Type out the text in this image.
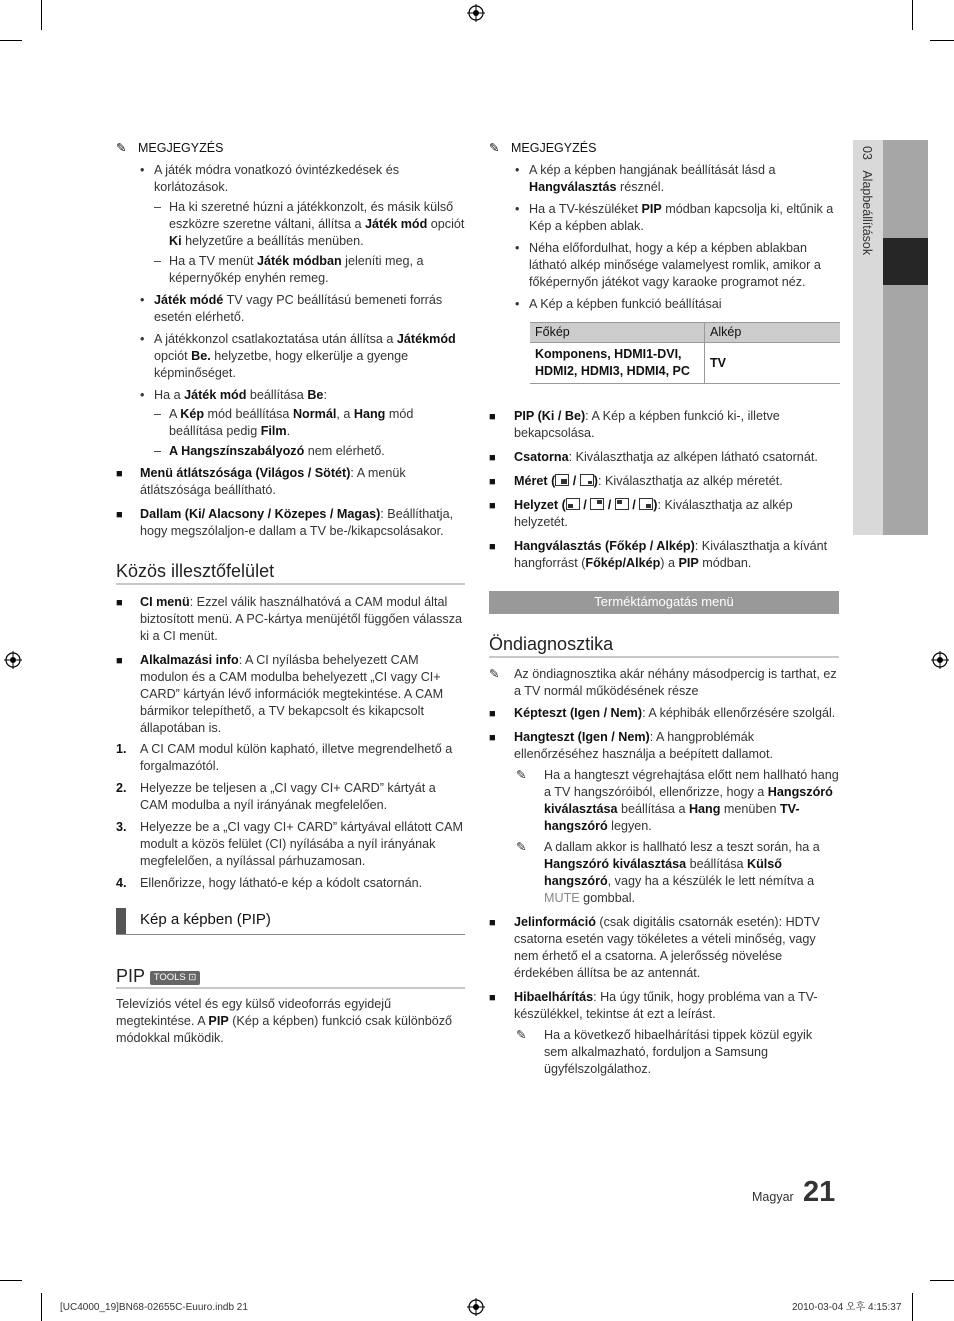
03   Alapbeállítások
✎ MEGJEGYZÉS
• A játék módra vonatkozó óvintézkedések és korlátozások.
– Ha ki szeretné húzni a játékkonzolt, és másik külső eszközre szeretne váltani, állítsa a Játék mód opciót Ki helyzetűre a beállítás menüben.
– Ha a TV menüt Játék módban jeleníti meg, a képernyőkép enyhén remeg.
• Játék módé TV vagy PC beállítású bemeneti forrás esetén elérhető.
• A játékkonzol csatlakoztatása után állítsa a Játékmód opciót Be. helyzetbe, hogy elkerülje a gyenge képminőséget.
• Ha a Játék mód beállítása Be:
– A Kép mód beállítása Normál, a Hang mód beállítása pedig Film.
– A Hangszínszabályozó nem elérhető.
■ Menü átlátszósága (Világos / Sötét): A menük átlátszósága beállítható.
■ Dallam (Ki/ Alacsony / Közepes / Magas): Beállíthatja, hogy megszólaljon-e dallam a TV be-/kikapcsolásakor.
Közös illesztőfelület
■ CI menü: Ezzel válik használhatóvá a CAM modul által biztosított menü. A PC-kártya menüjétől függően válassza ki a CI menüt.
■ Alkalmazási info: A CI nyílásba behelyezett CAM modulon és a CAM modulba behelyezett „CI vagy CI+ CARD” kártyán lévő információk megtekintése. A CAM bármikor telepíthető, a TV bekapcsolt és kikapcsolt állapotában is.
1. A CI CAM modul külön kapható, illetve megrendelhető a forgalmazótól.
2. Helyezze be teljesen a „CI vagy CI+ CARD” kártyát a CAM modulba a nyíl irányának megfelelően.
3. Helyezze be a „CI vagy CI+ CARD” kártyával ellátott CAM modult a közös felület (CI) nyílásába a nyíl irányának megfelelően, a nyílással párhuzamosan.
4. Ellenőrizze, hogy látható-e kép a kódolt csatornán.
Kép a képben (PIP)
PIP TOOLS ⊡
Televíziós vétel és egy külső videoforrás egyidejű megtekintése. A PIP (Kép a képben) funkció csak különböző módokkal működik.
✎ MEGJEGYZÉS
• A kép a képben hangjának beállítását lásd a Hangválasztás résznél.
• Ha a TV-készüléket PIP módban kapcsolja ki, eltűnik a Kép a képben ablak.
• Néha előfordulhat, hogy a kép a képben ablakban látható alkép minősége valamelyest romlik, amikor a főképernyőn játékot vagy karaoke programot néz.
• A Kép a képben funkció beállításai
Főkép	Alkép
Komponens, HDMI1-DVI, HDMI2, HDMI3, HDMI4, PC	TV
■ PIP (Ki / Be): A Kép a képben funkció ki-, illetve bekapcsolása.
■ Csatorna: Kiválaszthatja az alképen látható csatornát.
■ Méret (
/
): Kiválaszthatja az alkép méretét.
■ Helyzet (
/
/
/
): Kiválaszthatja az alkép helyzetét.
■ Hangválasztás (Főkép / Alkép): Kiválaszthatja a kívánt hangforrást (Főkép/Alkép) a PIP módban.
Terméktámogatás menü
Öndiagnosztika
✎ Az öndiagnosztika akár néhány másodpercig is tarthat, ez a TV normál működésének része
■ Képteszt (Igen / Nem): A képhibák ellenőrzésére szolgál.
■ Hangteszt (Igen / Nem): A hangproblémák ellenőrzéséhez használja a beépített dallamot.
✎ Ha a hangteszt végrehajtása előtt nem hallható hang a TV hangszóróiból, ellenőrizze, hogy a Hangszóró kiválasztása beállítása a Hang menüben TV-hangszóró legyen.
✎ A dallam akkor is hallható lesz a teszt során, ha a Hangszóró kiválasztása beállítása Külső hangszóró, vagy ha a készülék le lett némítva a MUTE gombbal.
■ Jelinformáció (csak digitális csatornák esetén): HDTV csatorna esetén vagy tökéletes a vételi minőség, vagy nem érhető el a csatorna. A jelerősség növelése érdekében állítsa be az antennát.
■ Hibaelhárítás: Ha úgy tűnik, hogy probléma van a TV-készülékkel, tekintse át ezt a leírást.
✎ Ha a következő hibaelhárítási tippek közül egyik sem alkalmazható, forduljon a Samsung ügyfélszolgálathoz.
Magyar 21
[UC4000_19]BN68-02655C-Euuro.indb 21	2010-03-04 오후 4:15:37
